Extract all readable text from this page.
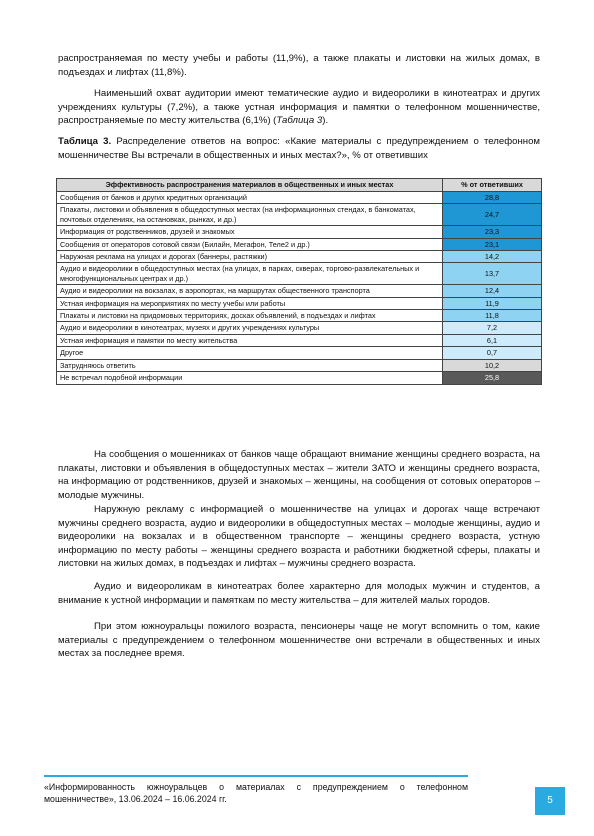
распространяемая по месту учебы и работы (11,9%), а также плакаты и листовки на жилых домах, в подъездах и лифтах (11,8%).
Наименьший охват аудитории имеют тематические аудио и видеоролики в кинотеатрах и других учреждениях культуры (7,2%), а также устная информация и памятки о телефонном мошенничестве, распространяемые по месту жительства (6,1%) (Таблица 3).
Таблица 3. Распределение ответов на вопрос: «Какие материалы с предупреждением о телефонном мошенничестве Вы встречали в общественных и иных местах?», % от ответивших
Эффективность распространения материалов в общественных и иных местах	% от ответивших
Сообщения от банков и других кредитных организаций	28,8
Плакаты, листовки и объявления в общедоступных местах (на информационных стендах, в банкоматах, почтовых отделениях, на остановках, рынках, и др.)	24,7
Информация от родственников, друзей и знакомых	23,3
Сообщения от операторов сотовой связи (Билайн, Мегафон, Теле2 и др.)	23,1
Наружная реклама на улицах и дорогах (баннеры, растяжки)	14,2
Аудио и видеоролики в общедоступных местах (на улицах, в парках, скверах, торгово-развлекательных и многофункциональных центрах и др.)	13,7
Аудио и видеоролики на вокзалах, в аэропортах, на маршрутах общественного транспорта	12,4
Устная информация на мероприятиях по месту учебы или работы	11,9
Плакаты и листовки на придомовых территориях, досках объявлений, в подъездах и лифтах	11,8
Аудио и видеоролики в кинотеатрах, музеях и других учреждениях культуры	7,2
Устная информация и памятки по месту жительства	6,1
Другое	0,7
Затрудняюсь ответить	10,2
Не встречал подобной информации	25,8
На сообщения о мошенниках от банков чаще обращают внимание женщины среднего возраста, на плакаты, листовки и объявления в общедоступных местах – жители ЗАТО и женщины среднего возраста, на информацию от родственников, друзей и знакомых – женщины, на сообщения от сотовых операторов – молодые мужчины.
Наружную рекламу с информацией о мошенничестве на улицах и дорогах чаще встречают мужчины среднего возраста, аудио и видеоролики в общедоступных местах – молодые женщины, аудио и видеоролики на вокзалах и в общественном транспорте – женщины среднего возраста, устную информацию по месту работы – женщины среднего возраста и работники бюджетной сферы, плакаты и листовки на жилых домах, в подъездах и лифтах – мужчины среднего возраста.
Аудио и видеороликам в кинотеатрах более характерно для молодых мужчин и студентов, а внимание к устной информации и памяткам по месту жительства – для жителей малых городов.
При этом южноуральцы пожилого возраста, пенсионеры чаще не могут вспомнить о том, какие материалы с предупреждением о телефонном мошенничестве они встречали в общественных и иных местах за последнее время.
«Информированность южноуральцев о материалах с предупреждением о телефонном мошенничестве», 13.06.2024 – 16.06.2024 гг.	5
